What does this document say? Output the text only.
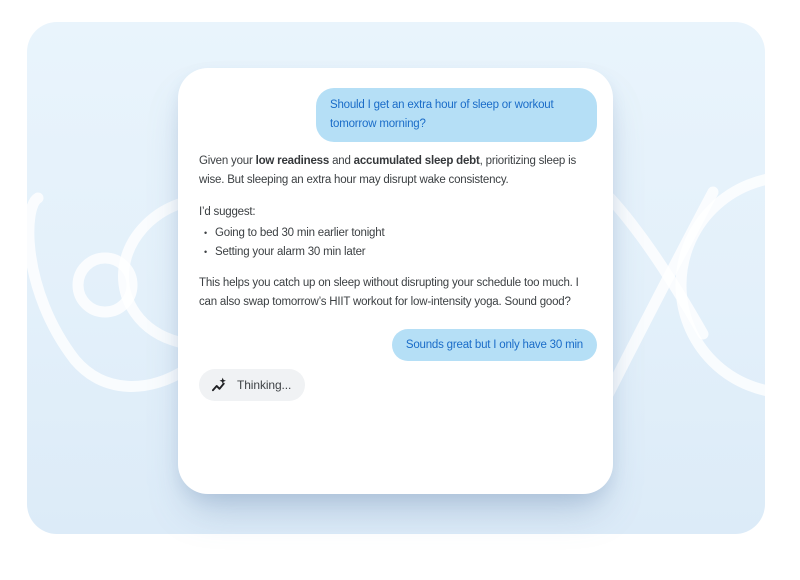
Should I get an extra hour of sleep or workout tomorrow morning?

Given your low readiness and accumulated sleep debt, prioritizing sleep is wise. But sleeping an extra hour may disrupt wake consistency.

I’d suggest:

• Going to bed 30 min earlier tonight
• Setting your alarm 30 min later

This helps you catch up on sleep without disrupting your schedule too much. I can also swap tomorrow’s HIIT workout for low-intensity yoga. Sound good?

Sounds great but I only have 30 min
Thinking...
